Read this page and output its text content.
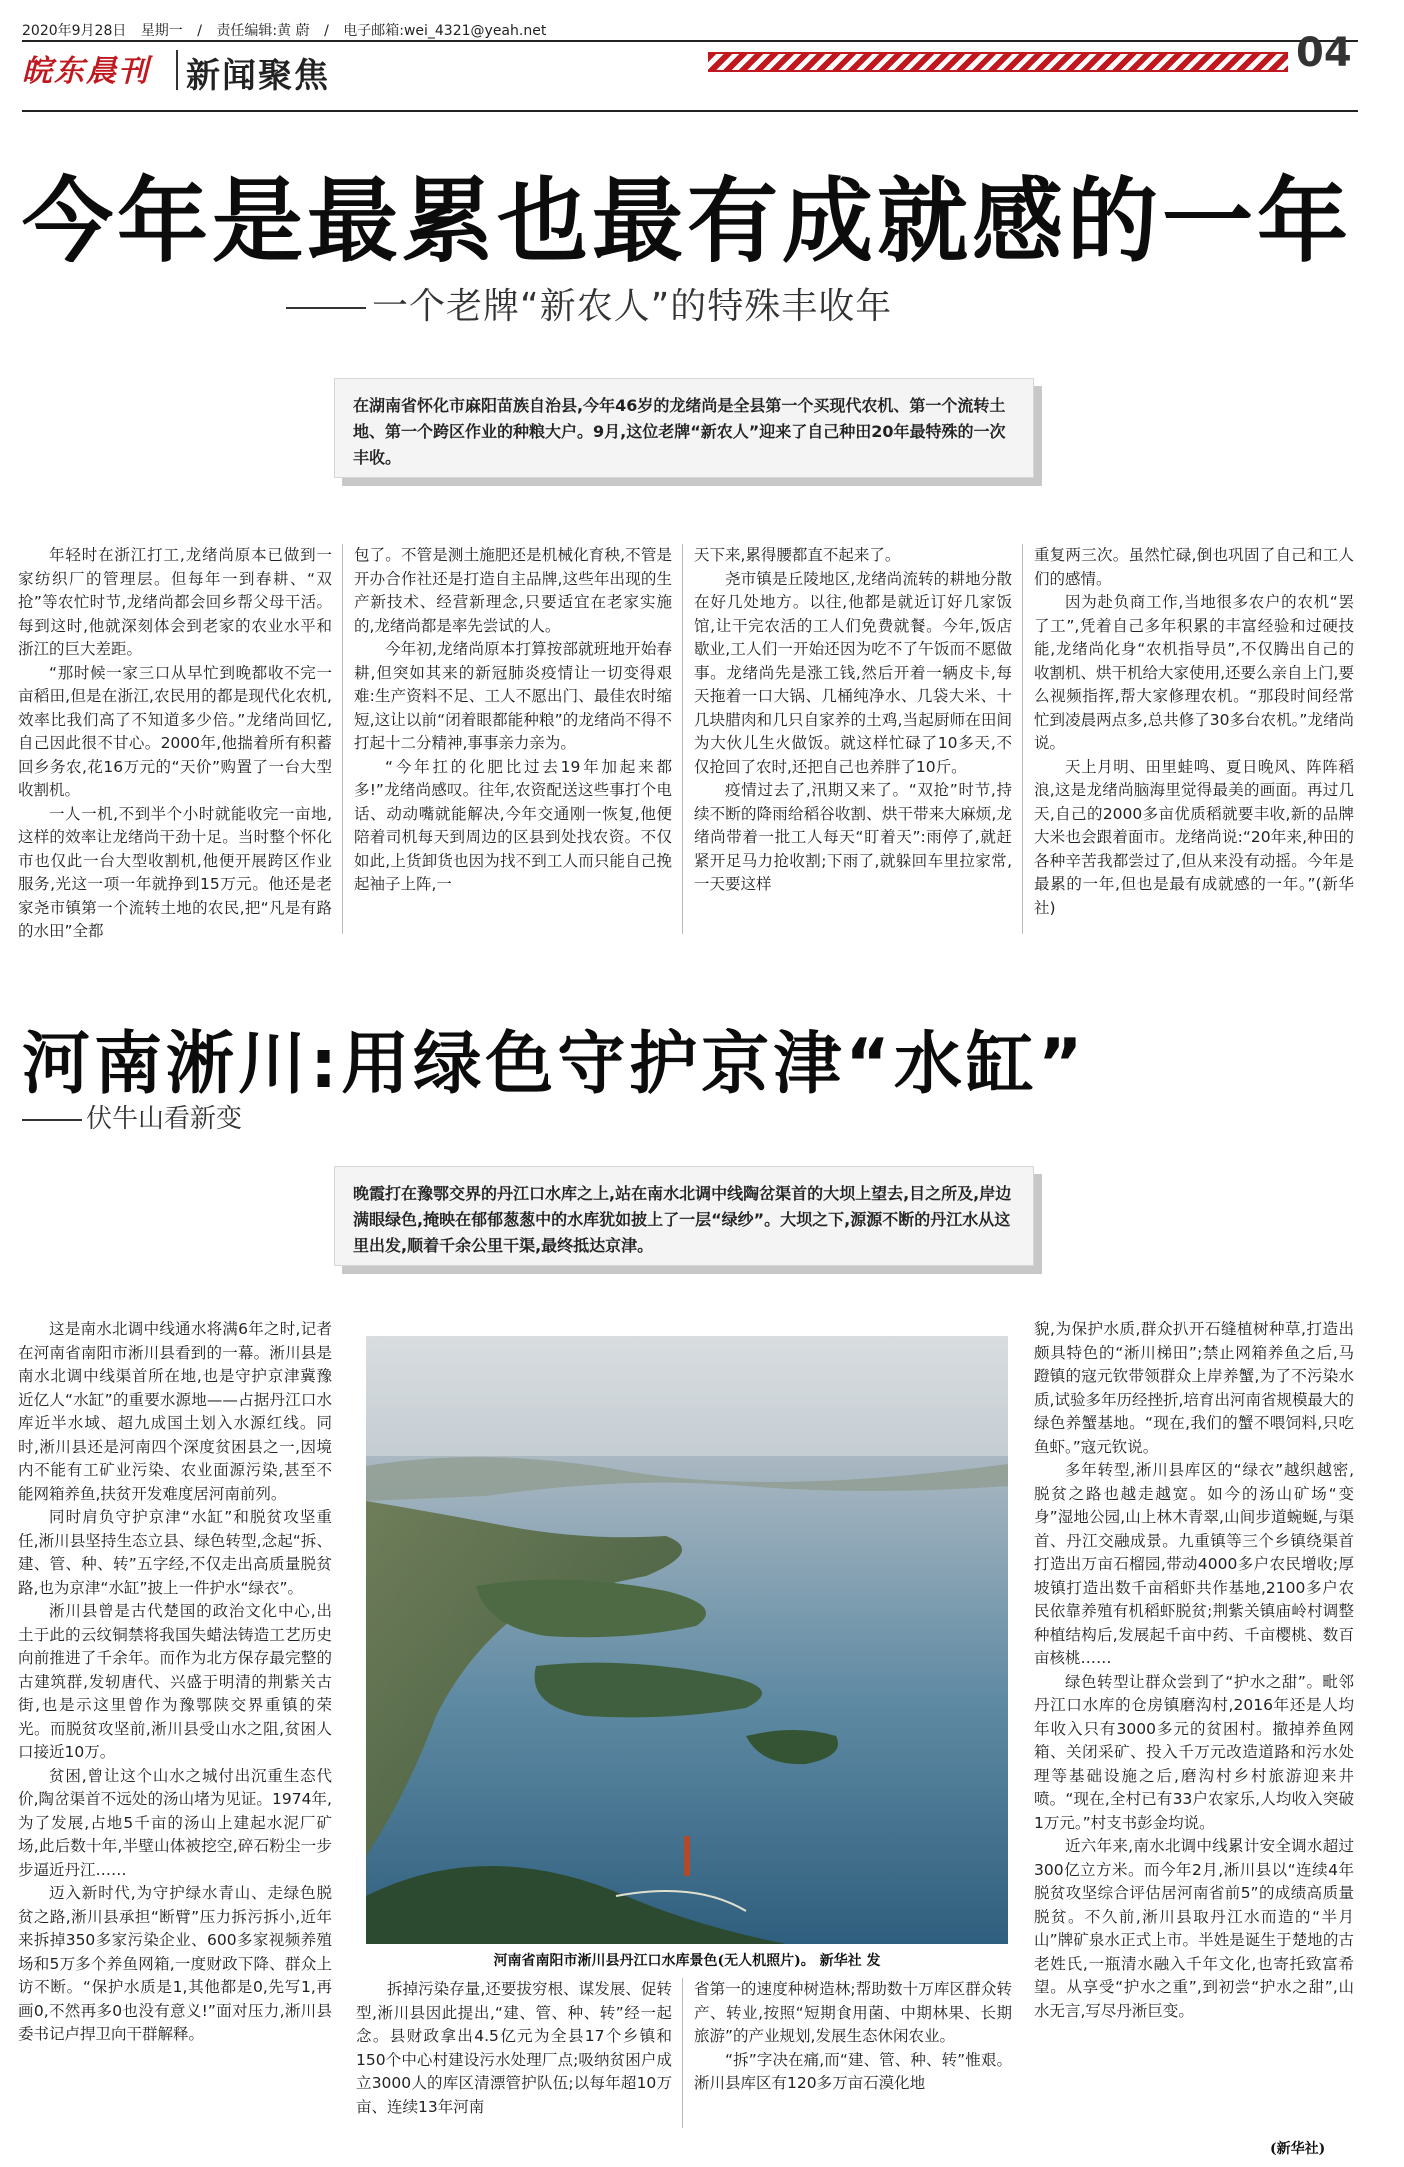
2020年9月28日 星期一 / 责任编辑:黄 蔚 / 电子邮箱:wei_4321@yeah.net
皖东晨刊 新闻聚焦	04
今年是最累也最有成就感的一年
一个老牌“新农人”的特殊丰收年
在湖南省怀化市麻阳苗族自治县,今年46岁的龙绪尚是全县第一个买现代农机、第一个流转土地、第一个跨区作业的种粮大户。9月,这位老牌“新农人”迎来了自己种田20年最特殊的一次丰收。

年轻时在浙江打工,龙绪尚原本已做到一家纺织厂的管理层。但每年一到春耕、“双抢”等农忙时节,龙绪尚都会回乡帮父母干活。每到这时,他就深刻体会到老家的农业水平和浙江的巨大差距。

“那时候一家三口从早忙到晚都收不完一亩稻田,但是在浙江,农民用的都是现代化农机,效率比我们高了不知道多少倍。”龙绪尚回忆,自己因此很不甘心。2000年,他揣着所有积蓄回乡务农,花16万元的“天价”购置了一台大型收割机。

一人一机,不到半个小时就能收完一亩地,这样的效率让龙绪尚干劲十足。当时整个怀化市也仅此一台大型收割机,他便开展跨区作业服务,光这一项一年就挣到15万元。他还是老家尧市镇第一个流转土地的农民,把“凡是有路的水田”全都

包了。不管是测土施肥还是机械化育秧,不管是开办合作社还是打造自主品牌,这些年出现的生产新技术、经营新理念,只要适宜在老家实施的,龙绪尚都是率先尝试的人。

今年初,龙绪尚原本打算按部就班地开始春耕,但突如其来的新冠肺炎疫情让一切变得艰难:生产资料不足、工人不愿出门、最佳农时缩短,这让以前“闭着眼都能种粮”的龙绪尚不得不打起十二分精神,事事亲力亲为。

“今年扛的化肥比过去19年加起来都多!”龙绪尚感叹。往年,农资配送这些事打个电话、动动嘴就能解决,今年交通刚一恢复,他便陪着司机每天到周边的区县到处找农资。不仅如此,上货卸货也因为找不到工人而只能自己挽起袖子上阵,一

天下来,累得腰都直不起来了。

尧市镇是丘陵地区,龙绪尚流转的耕地分散在好几处地方。以往,他都是就近订好几家饭馆,让干完农活的工人们免费就餐。今年,饭店歇业,工人们一开始还因为吃不了午饭而不愿做事。龙绪尚先是涨工钱,然后开着一辆皮卡,每天拖着一口大锅、几桶纯净水、几袋大米、十几块腊肉和几只自家养的土鸡,当起厨师在田间为大伙儿生火做饭。就这样忙碌了10多天,不仅抢回了农时,还把自己也养胖了10斤。

疫情过去了,汛期又来了。“双抢”时节,持续不断的降雨给稻谷收割、烘干带来大麻烦,龙绪尚带着一批工人每天“盯着天”:雨停了,就赶紧开足马力抢收割;下雨了,就躲回车里拉家常,一天要这样

重复两三次。虽然忙碌,倒也巩固了自己和工人们的感情。

因为赴负商工作,当地很多农户的农机“罢了工”,凭着自己多年积累的丰富经验和过硬技能,龙绪尚化身“农机指导员”,不仅腾出自己的收割机、烘干机给大家使用,还要么亲自上门,要么视频指挥,帮大家修理农机。“那段时间经常忙到凌晨两点多,总共修了30多台农机。”龙绪尚说。

天上月明、田里蛙鸣、夏日晚风、阵阵稻浪,这是龙绪尚脑海里觉得最美的画面。再过几天,自己的2000多亩优质稻就要丰收,新的品牌大米也会跟着面市。龙绪尚说:“20年来,种田的各种辛苦我都尝过了,但从来没有动摇。今年是最累的一年,但也是最有成就感的一年。”(新华社)

河南淅川:用绿色守护京津“水缸”
伏牛山看新变
晚霞打在豫鄂交界的丹江口水库之上,站在南水北调中线陶岔渠首的大坝上望去,目之所及,岸边满眼绿色,掩映在郁郁葱葱中的水库犹如披上了一层“绿纱”。大坝之下,源源不断的丹江水从这里出发,顺着千余公里干渠,最终抵达京津。

这是南水北调中线通水将满6年之时,记者在河南省南阳市淅川县看到的一幕。淅川县是南水北调中线渠首所在地,也是守护京津冀豫近亿人“水缸”的重要水源地——占据丹江口水库近半水域、超九成国土划入水源红线。同时,淅川县还是河南四个深度贫困县之一,因境内不能有工矿业污染、农业面源污染,甚至不能网箱养鱼,扶贫开发难度居河南前列。

同时肩负守护京津“水缸”和脱贫攻坚重任,淅川县坚持生态立县、绿色转型,念起“拆、建、管、种、转”五字经,不仅走出高质量脱贫路,也为京津“水缸”披上一件护水“绿衣”。

淅川县曾是古代楚国的政治文化中心,出土于此的云纹铜禁将我国失蜡法铸造工艺历史向前推进了千余年。而作为北方保存最完整的古建筑群,发轫唐代、兴盛于明清的荆紫关古街,也是示这里曾作为豫鄂陕交界重镇的荣光。而脱贫攻坚前,淅川县受山水之阻,贫困人口接近10万。

贫困,曾让这个山水之城付出沉重生态代价,陶岔渠首不远处的汤山堵为见证。1974年,为了发展,占地5千亩的汤山上建起水泥厂矿场,此后数十年,半壁山体被挖空,碎石粉尘一步步逼近丹江……

迈入新时代,为守护绿水青山、走绿色脱贫之路,淅川县承担“断臂”压力拆污拆小,近年来拆掉350多家污染企业、600多家视频养殖场和5万多个养鱼网箱,一度财政下降、群众上访不断。“保护水质是1,其他都是0,先写1,再画0,不然再多0也没有意义!”面对压力,淅川县委书记卢捍卫向干群解释。

河南省南阳市淅川县丹江口水库景色(无人机照片)。 新华社 发

拆掉污染存量,还要拔穷根、谋发展、促转型,淅川县因此提出,“建、管、种、转”经一起念。县财政拿出4.5亿元为全县17个乡镇和150个中心村建设污水处理厂点;吸纳贫困户成立3000人的库区清漂管护队伍;以每年超10万亩、连续13年河南

省第一的速度种树造林;帮助数十万库区群众转产、转业,按照“短期食用菌、中期林果、长期旅游”的产业规划,发展生态休闲农业。

“拆”字决在痛,而“建、管、种、转”惟艰。淅川县库区有120多万亩石漠化地

貌,为保护水质,群众扒开石缝植树种草,打造出颇具特色的“淅川梯田”;禁止网箱养鱼之后,马蹬镇的寇元钦带领群众上岸养蟹,为了不污染水质,试验多年历经挫折,培育出河南省规模最大的绿色养蟹基地。“现在,我们的蟹不喂饲料,只吃鱼虾。”寇元钦说。

多年转型,淅川县库区的“绿衣”越织越密,脱贫之路也越走越宽。如今的汤山矿场“变身”湿地公园,山上林木青翠,山间步道蜿蜒,与渠首、丹江交融成景。九重镇等三个乡镇绕渠首打造出万亩石榴园,带动4000多户农民增收;厚坡镇打造出数千亩稻虾共作基地,2100多户农民依靠养殖有机稻虾脱贫;荆紫关镇庙岭村调整种植结构后,发展起千亩中药、千亩樱桃、数百亩核桃……

绿色转型让群众尝到了“护水之甜”。毗邻丹江口水库的仓房镇磨沟村,2016年还是人均年收入只有3000多元的贫困村。撤掉养鱼网箱、关闭采矿、投入千万元改造道路和污水处理等基础设施之后,磨沟村乡村旅游迎来井喷。“现在,全村已有33户农家乐,人均收入突破1万元。”村支书彭金均说。

近六年来,南水北调中线累计安全调水超过300亿立方米。而今年2月,淅川县以“连续4年脱贫攻坚综合评估居河南省前5”的成绩高质量脱贫。不久前,淅川县取丹江水而造的“半月山”牌矿泉水正式上市。半姓是诞生于楚地的古老姓氏,一瓶清水融入千年文化,也寄托致富希望。从享受“护水之重”,到初尝“护水之甜”,山水无言,写尽丹淅巨变。

(新华社)
